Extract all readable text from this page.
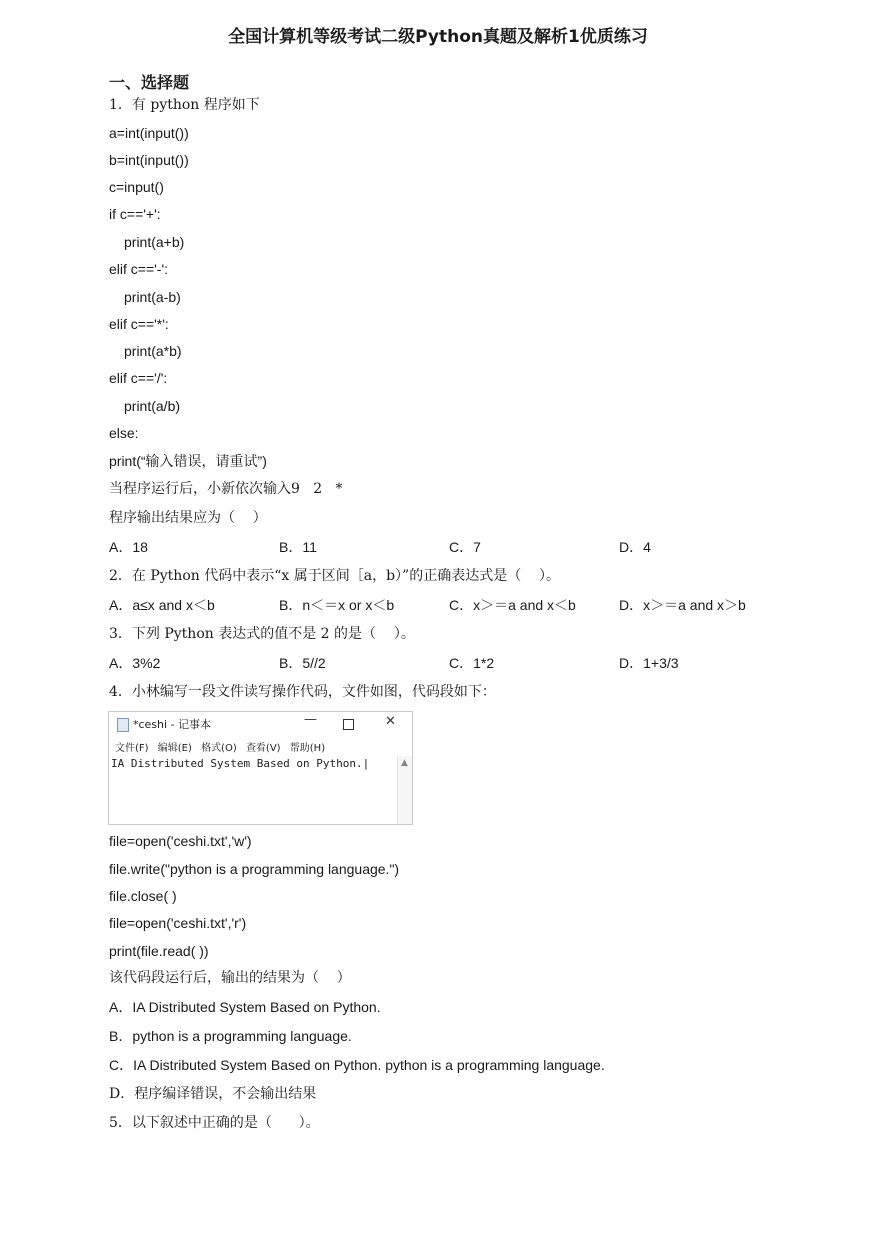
全国计算机等级考试二级Python真题及解析1优质练习
一、选择题
1．有 python 程序如下
a=int(input())
b=int(input())
c=input()
if c=='+':
print(a+b)
elif c=='-':
print(a-b)
elif c=='*':
print(a*b)
elif c=='/':
print(a/b)
else:
print(“输入错误，请重试”)
当程序运行后，小新依次输入9   2   *
程序输出结果应为（    ）
A．18	B．11	C．7	D．4
2．在 Python 代码中表示“x 属于区间［a，b）”的正确表达式是（    ）。
A．a≤x and x＜b	B．n＜＝x or x＜b	C．x＞＝a and x＜b	D．x＞＝a and x＞b
3．下列 Python 表达式的值不是 2 的是（    ）。
A．3%2	B．5//2	C．1*2	D．1+3/3
4．小林编写一段文件读写操作代码，文件如图，代码段如下：
*ceshi - 记事本	—	✕
文件(F) 编辑(E) 格式(O) 查看(V) 帮助(H)
IA Distributed System Based on Python.|	▲
file=open('ceshi.txt','w')
file.write("python is a programming language.")
file.close( )
file=open('ceshi.txt','r')
print(file.read( ))
该代码段运行后，输出的结果为（    ）
A．IA Distributed System Based on Python.
B．python is a programming language.
C．IA Distributed System Based on Python. python is a programming language.
D．程序编译错误，不会输出结果
5．以下叙述中正确的是（      ）。
